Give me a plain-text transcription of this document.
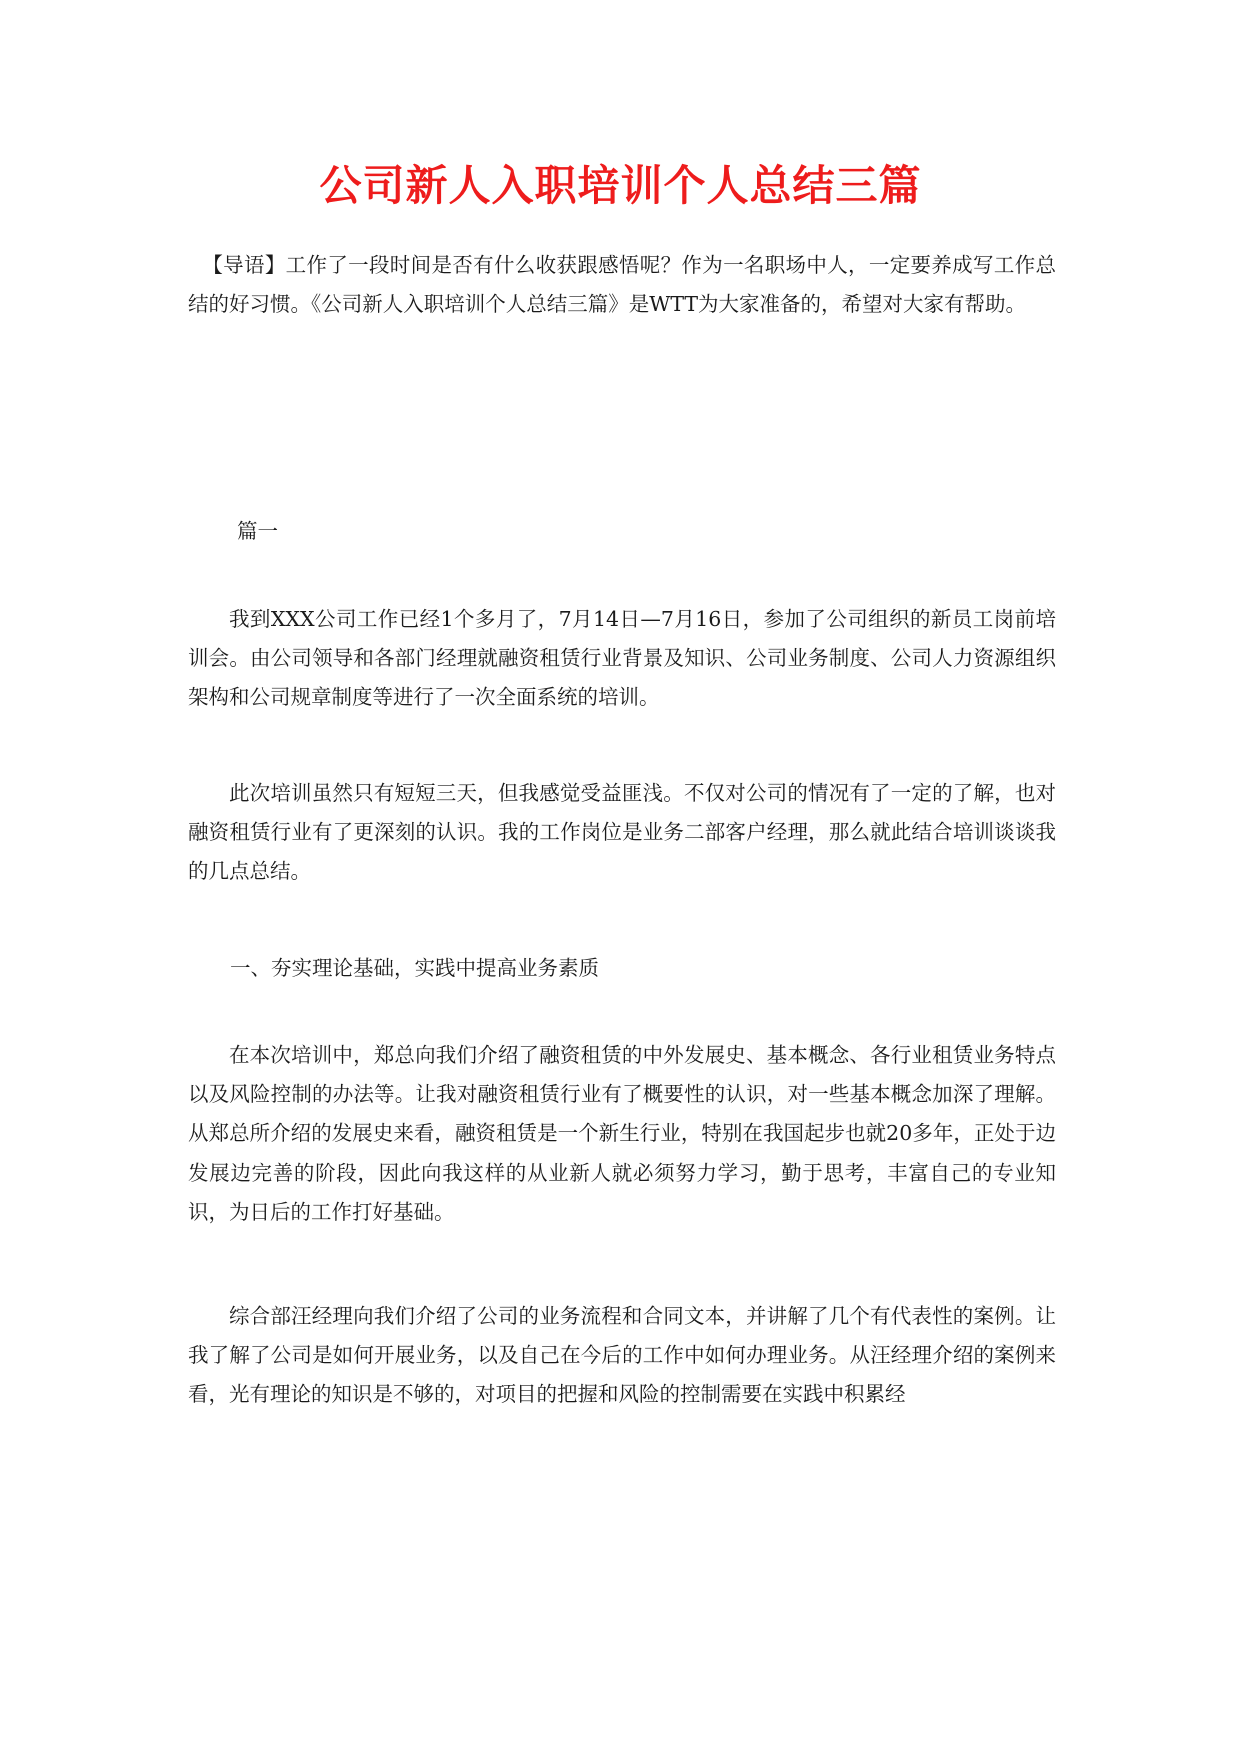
公司新人入职培训个人总结三篇

【导语】工作了一段时间是否有什么收获跟感悟呢？作为一名职场中人，一定要养成写工作总结的好习惯。《公司新人入职培训个人总结三篇》是WTT为大家准备的，希望对大家有帮助。

篇一

我到XXX公司工作已经1个多月了，7月14日—7月16日，参加了公司组织的新员工岗前培训会。由公司领导和各部门经理就融资租赁行业背景及知识、公司业务制度、公司人力资源组织架构和公司规章制度等进行了一次全面系统的培训。

此次培训虽然只有短短三天，但我感觉受益匪浅。不仅对公司的情况有了一定的了解，也对融资租赁行业有了更深刻的认识。我的工作岗位是业务二部客户经理，那么就此结合培训谈谈我的几点总结。

一、夯实理论基础，实践中提高业务素质

在本次培训中，郑总向我们介绍了融资租赁的中外发展史、基本概念、各行业租赁业务特点以及风险控制的办法等。让我对融资租赁行业有了概要性的认识，对一些基本概念加深了理解。从郑总所介绍的发展史来看，融资租赁是一个新生行业，特别在我国起步也就20多年，正处于边发展边完善的阶段，因此向我这样的从业新人就必须努力学习，勤于思考，丰富自己的专业知识，为日后的工作打好基础。

综合部汪经理向我们介绍了公司的业务流程和合同文本，并讲解了几个有代表性的案例。让我了解了公司是如何开展业务，以及自己在今后的工作中如何办理业务。从汪经理介绍的案例来看，光有理论的知识是不够的，对项目的把握和风险的控制需要在实践中积累经
